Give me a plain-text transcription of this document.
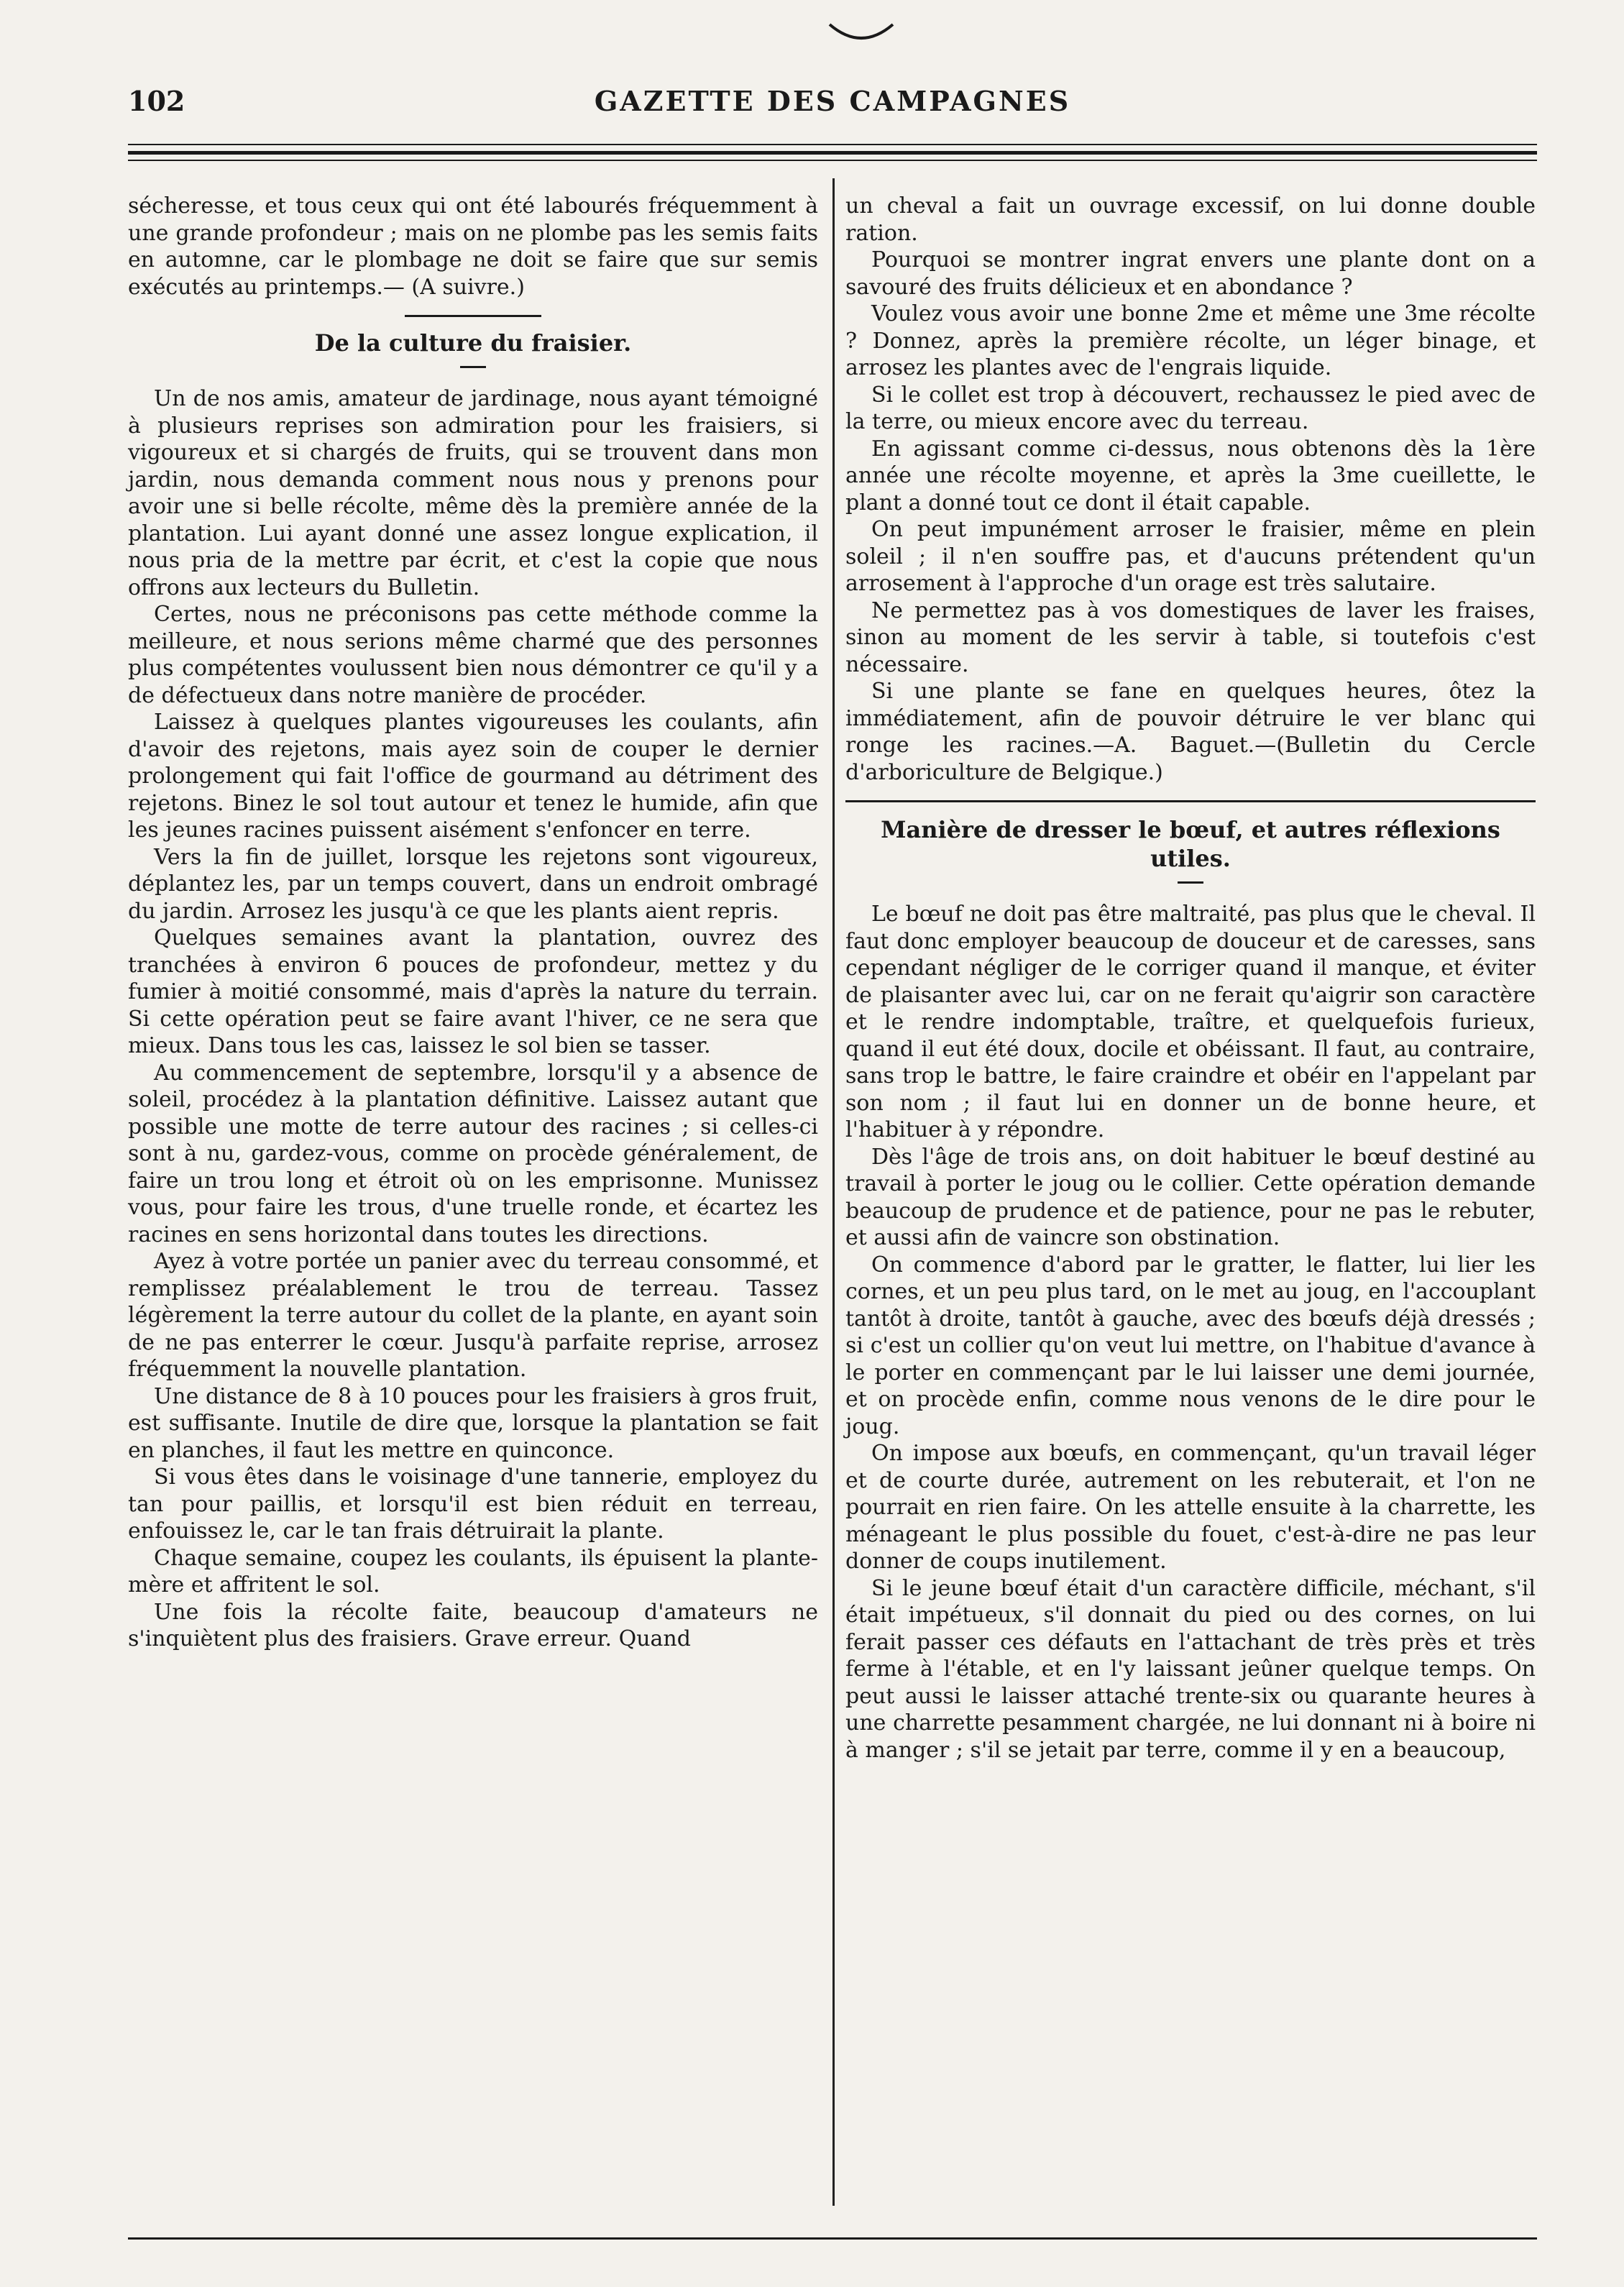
102	GAZETTE DES CAMPAGNES

sécheresse, et tous ceux qui ont été labourés fréquemment à une grande profondeur ; mais on ne plombe pas les semis faits en automne, car le plombage ne doit se faire que sur semis exécutés au printemps.— (A suivre.)

De la culture du fraisier.

Un de nos amis, amateur de jardinage, nous ayant témoigné à plusieurs reprises son admiration pour les fraisiers, si vigoureux et si chargés de fruits, qui se trouvent dans mon jardin, nous demanda comment nous nous y prenons pour avoir une si belle récolte, même dès la première année de la plantation. Lui ayant donné une assez longue explication, il nous pria de la mettre par écrit, et c'est la copie que nous offrons aux lecteurs du Bulletin.

Certes, nous ne préconisons pas cette méthode comme la meilleure, et nous serions même charmé que des personnes plus compétentes voulussent bien nous démontrer ce qu'il y a de défectueux dans notre manière de procéder.

Laissez à quelques plantes vigoureuses les coulants, afin d'avoir des rejetons, mais ayez soin de couper le dernier prolongement qui fait l'office de gourmand au détriment des rejetons. Binez le sol tout autour et tenez le humide, afin que les jeunes racines puissent aisément s'enfoncer en terre.

Vers la fin de juillet, lorsque les rejetons sont vigoureux, déplantez les, par un temps couvert, dans un endroit ombragé du jardin. Arrosez les jusqu'à ce que les plants aient repris.

Quelques semaines avant la plantation, ouvrez des tranchées à environ 6 pouces de profondeur, mettez y du fumier à moitié consommé, mais d'après la nature du terrain. Si cette opération peut se faire avant l'hiver, ce ne sera que mieux. Dans tous les cas, laissez le sol bien se tasser.

Au commencement de septembre, lorsqu'il y a absence de soleil, procédez à la plantation définitive. Laissez autant que possible une motte de terre autour des racines ; si celles-ci sont à nu, gardez-vous, comme on procède généralement, de faire un trou long et étroit où on les emprisonne. Munissez vous, pour faire les trous, d'une truelle ronde, et écartez les racines en sens horizontal dans toutes les directions.

Ayez à votre portée un panier avec du terreau consommé, et remplissez préalablement le trou de terreau. Tassez légèrement la terre autour du collet de la plante, en ayant soin de ne pas enterrer le cœur. Jusqu'à parfaite reprise, arrosez fréquemment la nouvelle plantation.

Une distance de 8 à 10 pouces pour les fraisiers à gros fruit, est suffisante. Inutile de dire que, lorsque la plantation se fait en planches, il faut les mettre en quinconce.

Si vous êtes dans le voisinage d'une tannerie, employez du tan pour paillis, et lorsqu'il est bien réduit en terreau, enfouissez le, car le tan frais détruirait la plante.

Chaque semaine, coupez les coulants, ils épuisent la plante-mère et affritent le sol.

Une fois la récolte faite, beaucoup d'amateurs ne s'inquiètent plus des fraisiers. Grave erreur. Quand

un cheval a fait un ouvrage excessif, on lui donne double ration.

Pourquoi se montrer ingrat envers une plante dont on a savouré des fruits délicieux et en abondance ?

Voulez vous avoir une bonne 2me et même une 3me récolte ? Donnez, après la première récolte, un léger binage, et arrosez les plantes avec de l'engrais liquide.

Si le collet est trop à découvert, rechaussez le pied avec de la terre, ou mieux encore avec du terreau.

En agissant comme ci-dessus, nous obtenons dès la 1ère année une récolte moyenne, et après la 3me cueillette, le plant a donné tout ce dont il était capable.

On peut impunément arroser le fraisier, même en plein soleil ; il n'en souffre pas, et d'aucuns prétendent qu'un arrosement à l'approche d'un orage est très salutaire.

Ne permettez pas à vos domestiques de laver les fraises, sinon au moment de les servir à table, si toutefois c'est nécessaire.

Si une plante se fane en quelques heures, ôtez la immédiatement, afin de pouvoir détruire le ver blanc qui ronge les racines.—A. Baguet.—(Bulletin du Cercle d'arboriculture de Belgique.)

Manière de dresser le bœuf, et autres réflexions utiles.

Le bœuf ne doit pas être maltraité, pas plus que le cheval. Il faut donc employer beaucoup de douceur et de caresses, sans cependant négliger de le corriger quand il manque, et éviter de plaisanter avec lui, car on ne ferait qu'aigrir son caractère et le rendre indomptable, traître, et quelquefois furieux, quand il eut été doux, docile et obéissant. Il faut, au contraire, sans trop le battre, le faire craindre et obéir en l'appelant par son nom ; il faut lui en donner un de bonne heure, et l'habituer à y répondre.

Dès l'âge de trois ans, on doit habituer le bœuf destiné au travail à porter le joug ou le collier. Cette opération demande beaucoup de prudence et de patience, pour ne pas le rebuter, et aussi afin de vaincre son obstination.

On commence d'abord par le gratter, le flatter, lui lier les cornes, et un peu plus tard, on le met au joug, en l'accouplant tantôt à droite, tantôt à gauche, avec des bœufs déjà dressés ; si c'est un collier qu'on veut lui mettre, on l'habitue d'avance à le porter en commençant par le lui laisser une demi journée, et on procède enfin, comme nous venons de le dire pour le joug.

On impose aux bœufs, en commençant, qu'un travail léger et de courte durée, autrement on les rebuterait, et l'on ne pourrait en rien faire. On les attelle ensuite à la charrette, les ménageant le plus possible du fouet, c'est-à-dire ne pas leur donner de coups inutilement.

Si le jeune bœuf était d'un caractère difficile, méchant, s'il était impétueux, s'il donnait du pied ou des cornes, on lui ferait passer ces défauts en l'attachant de très près et très ferme à l'étable, et en l'y laissant jeûner quelque temps. On peut aussi le laisser attaché trente-six ou quarante heures à une charrette pesamment chargée, ne lui donnant ni à boire ni à manger ; s'il se jetait par terre, comme il y en a beaucoup,
